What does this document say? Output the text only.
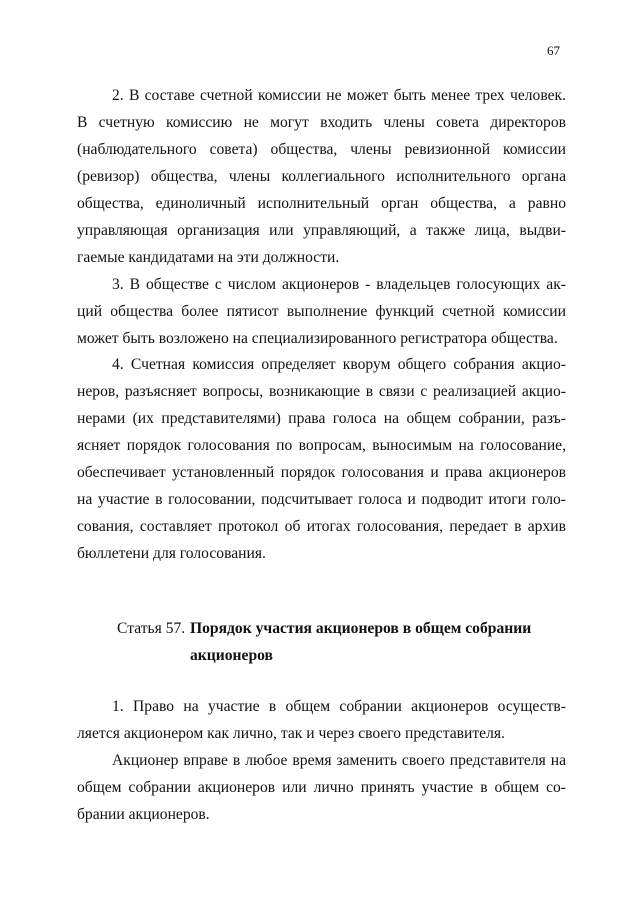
67
2. В составе счетной комиссии не может быть менее трех человек.
В счетную комиссию не могут входить члены совета директоров
(наблюдательного совета) общества, члены ревизионной комиссии
(ревизор) общества, члены коллегиального исполнительного органа
общества, единоличный исполнительный орган общества, а равно
управляющая организация или управляющий, а также лица, выдви-
гаемые кандидатами на эти должности.
3. В обществе с числом акционеров - владельцев голосующих ак-
ций общества более пятисот выполнение функций счетной комиссии
может быть возложено на специализированного регистратора общества.
4. Счетная комиссия определяет кворум общего собрания акцио-
неров, разъясняет вопросы, возникающие в связи с реализацией акцио-
нерами (их представителями) права голоса на общем собрании, разъ-
ясняет порядок голосования по вопросам, выносимым на голосование,
обеспечивает установленный порядок голосования и права акционеров
на участие в голосовании, подсчитывает голоса и подводит итоги голо-
сования, составляет протокол об итогах голосования, передает в архив
бюллетени для голосования.
Статья 57. Порядок участия акционеров в общем собрании
акционеров
1. Право на участие в общем собрании акционеров осуществ-
ляется акционером как лично, так и через своего представителя.
Акционер вправе в любое время заменить своего представителя на
общем собрании акционеров или лично принять участие в общем со-
брании акционеров.
